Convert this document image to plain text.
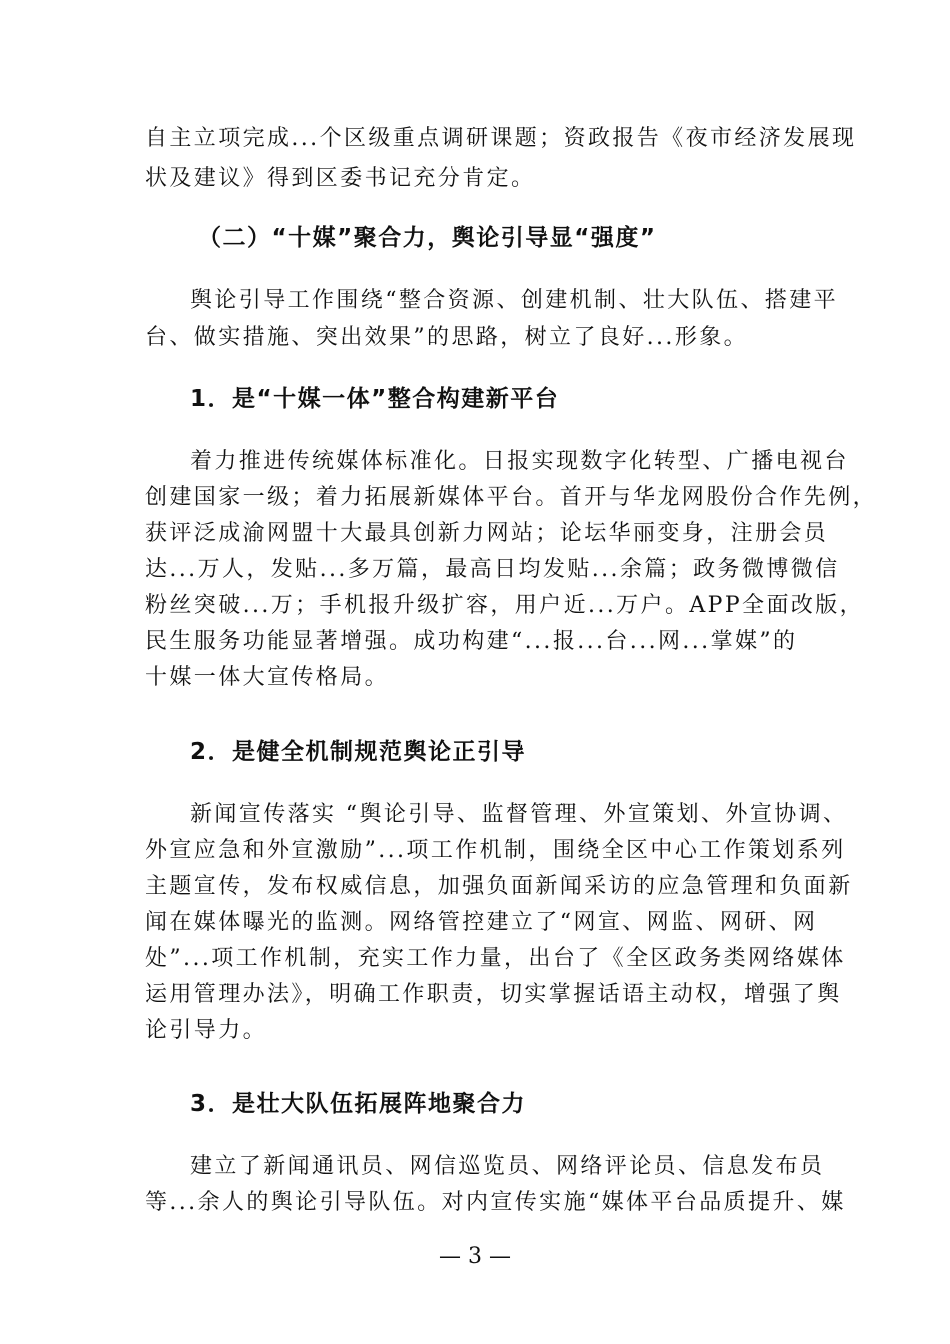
自主立项完成...个区级重点调研课题；资政报告《夜市经济发展现

状及建议》得到区委书记充分肯定。

（二）“十媒”聚合力，舆论引导显“强度”

舆论引导工作围绕“整合资源、创建机制、壮大队伍、搭建平

台、做实措施、突出效果”的思路，树立了良好...形象。

1．是“十媒一体”整合构建新平台

着力推进传统媒体标准化。日报实现数字化转型、广播电视台

创建国家一级；着力拓展新媒体平台。首开与华龙网股份合作先例，

获评泛成渝网盟十大最具创新力网站；论坛华丽变身，注册会员

达...万人，发贴...多万篇，最高日均发贴...余篇；政务微博微信

粉丝突破...万；手机报升级扩容，用户近...万户。APP全面改版，

民生服务功能显著增强。成功构建“...报...台...网...掌媒”的

十媒一体大宣传格局。

2．是健全机制规范舆论正引导

新闻宣传落实 “舆论引导、监督管理、外宣策划、外宣协调、

外宣应急和外宣激励”...项工作机制，围绕全区中心工作策划系列

主题宣传，发布权威信息，加强负面新闻采访的应急管理和负面新

闻在媒体曝光的监测。网络管控建立了“网宣、网监、网研、网

处”...项工作机制，充实工作力量，出台了《全区政务类网络媒体

运用管理办法》，明确工作职责，切实掌握话语主动权，增强了舆

论引导力。

3．是壮大队伍拓展阵地聚合力

建立了新闻通讯员、网信巡览员、网络评论员、信息发布员

等...余人的舆论引导队伍。对内宣传实施“媒体平台品质提升、媒

— 3 —
